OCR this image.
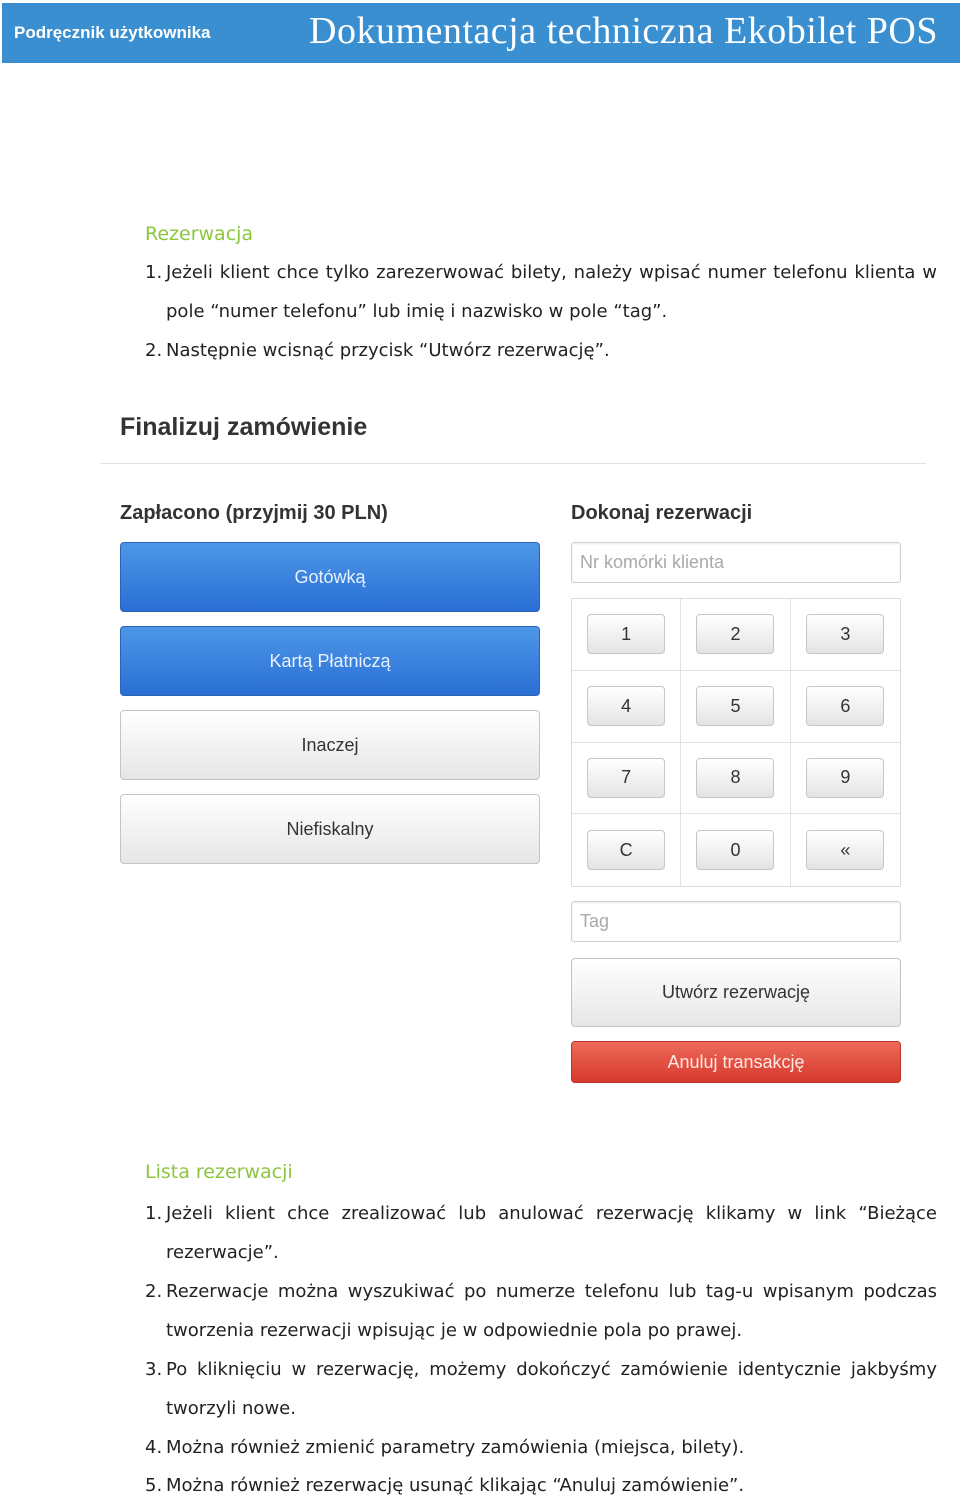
Podręcznik użytkownika	Dokumentacja techniczna Ekobilet POS
Rezerwacja
1. Jeżeli klient chce tylko zarezerwować bilety, należy wpisać numer telefonu klienta w pole “numer telefonu” lub imię i nazwisko w pole “tag”.
2. Następnie wcisnąć przycisk “Utwórz rezerwację”.
Finalizuj zamówienie
Zapłacono (przyjmij 30 PLN)	Dokonaj rezerwacji
Gotówką
Kartą Płatniczą
Inaczej
Niefiskalny
Nr komórki klienta
1	2	3
4	5	6
7	8	9
C	0	«
Tag
Utwórz rezerwację
Anuluj transakcję
Lista rezerwacji
1. Jeżeli klient chce zrealizować lub anulować rezerwację klikamy w link “Bieżące rezerwacje”.
2. Rezerwacje można wyszukiwać po numerze telefonu lub tag-u wpisanym podczas tworzenia rezerwacji wpisując je w odpowiednie pola po prawej.
3. Po kliknięciu w rezerwację, możemy dokończyć zamówienie identycznie jakbyśmy tworzyli nowe.
4. Można również zmienić parametry zamówienia (miejsca, bilety).
5. Można również rezerwację usunąć klikając “Anuluj zamówienie”.
